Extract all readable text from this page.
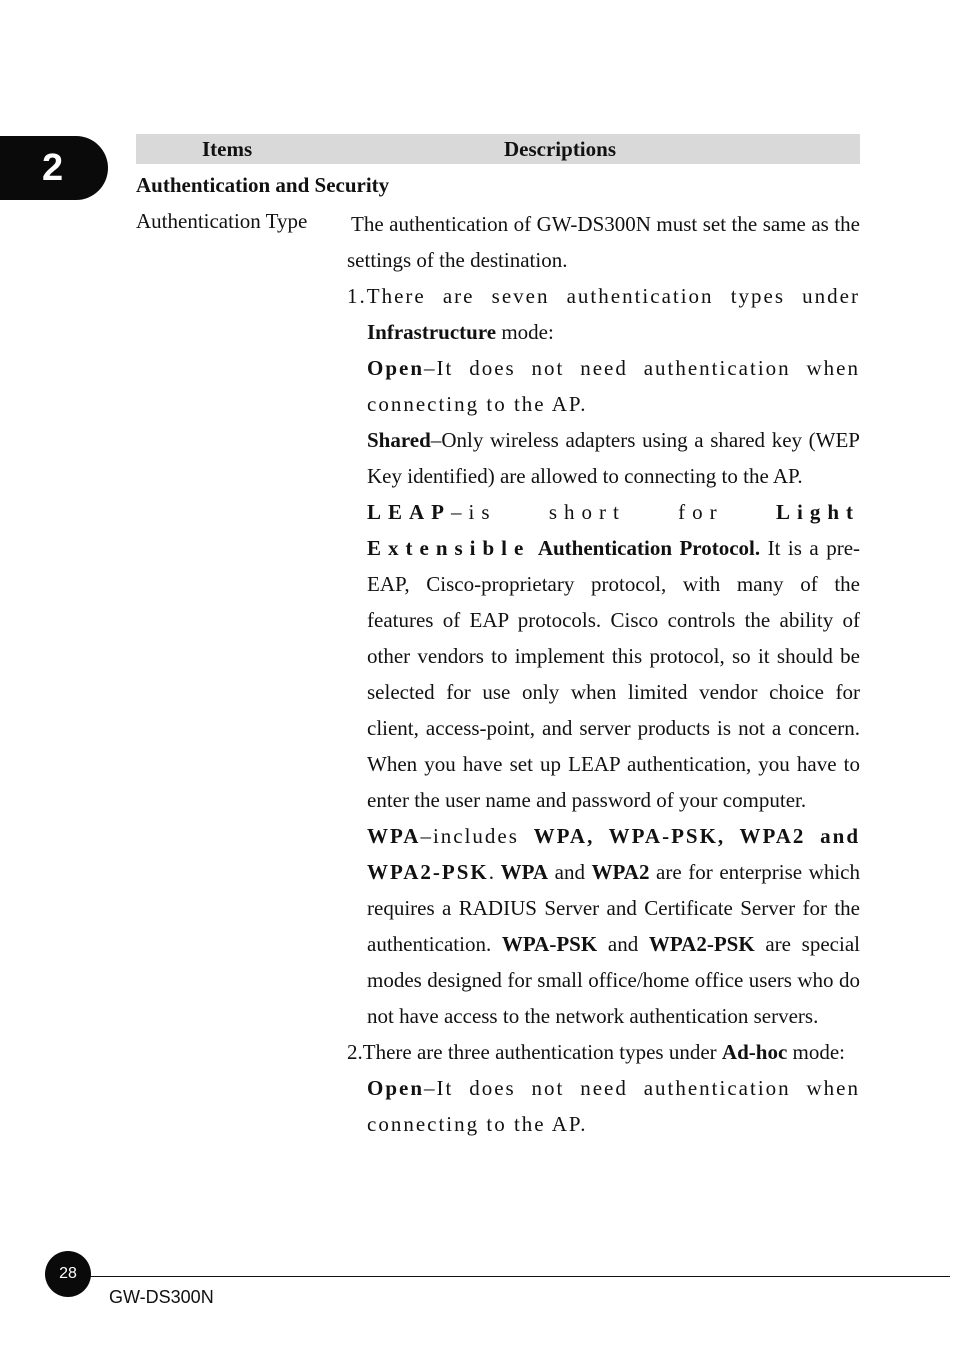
2	Items	Descriptions
Authentication and Security
Authentication Type The authentication of GW-DS300N must set the same as the settings of the destination.

1.There are seven authentication types under Infrastructure mode:

Open–It does not need authentication when connecting to the AP.

Shared–Only wireless adapters using a shared key (WEP Key identified) are allowed to connecting to the AP.

LEAP–is short for Light Extensible Authentication Protocol. It is a pre-EAP, Cisco-proprietary protocol, with many of the features of EAP protocols. Cisco controls the ability of other vendors to implement this protocol, so it should be selected for use only when limited vendor choice for client, access-point, and server products is not a concern. When you have set up LEAP authentication, you have to enter the user name and password of your computer.

WPA–includes WPA, WPA-PSK, WPA2 and WPA2-PSK. WPA and WPA2 are for enterprise which requires a RADIUS Server and Certificate Server for the authentication. WPA-PSK and WPA2-PSK are special modes designed for small office/home office users who do not have access to the network authentication servers.

2.There are three authentication types under Ad-hoc mode:

Open–It does not need authentication when connecting to the AP.

28
GW-DS300N
